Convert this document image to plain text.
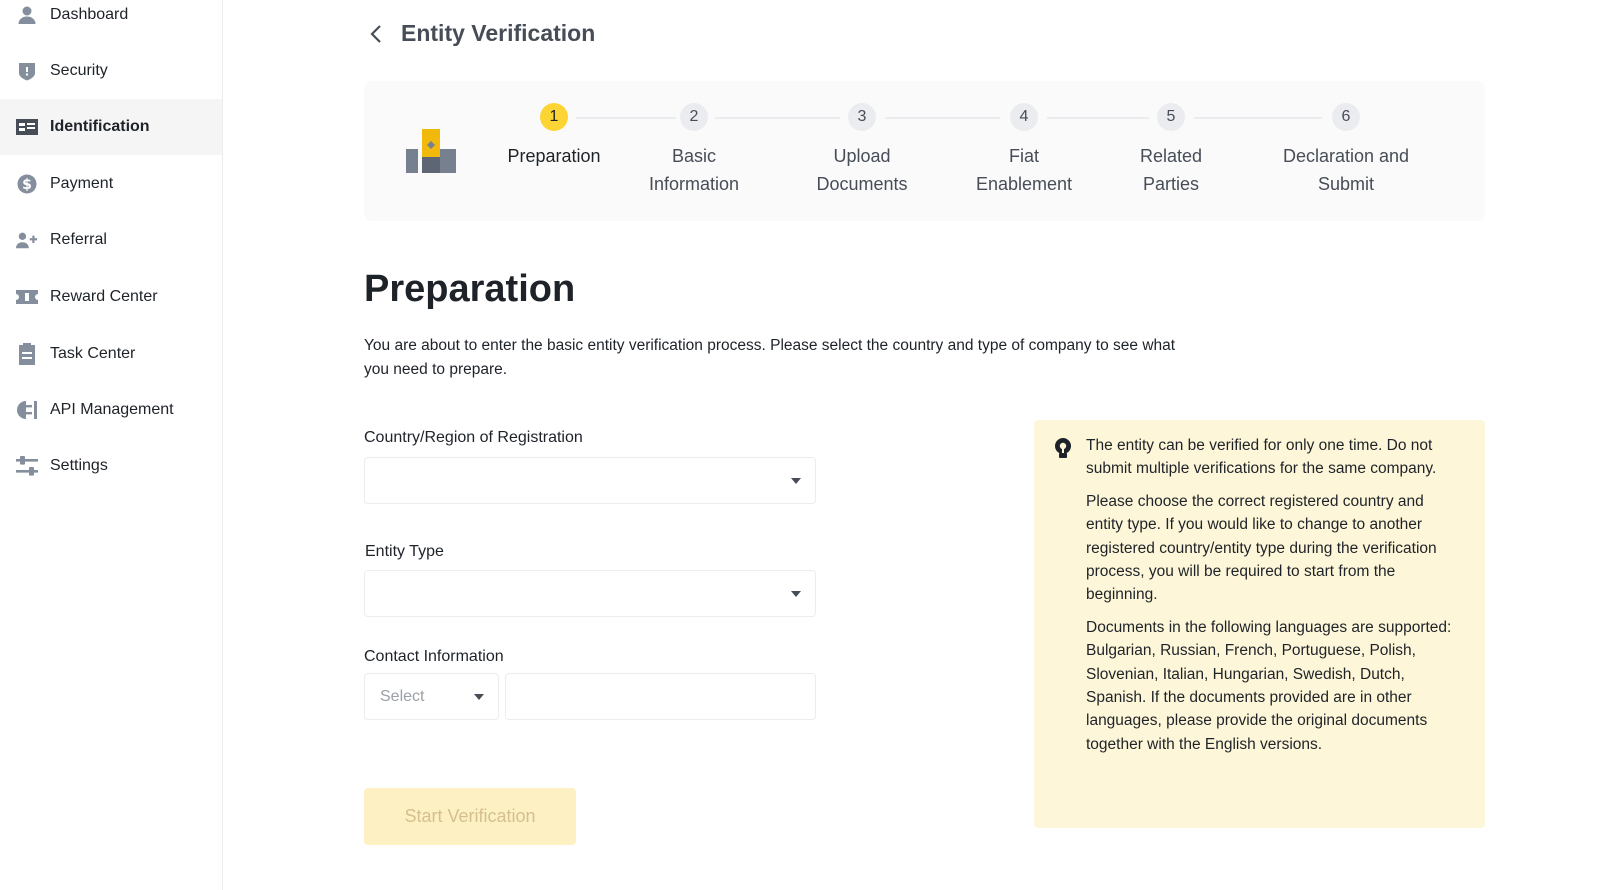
Dashboard
Security
Identification
$ Payment
Referral
Reward Center
Task Center
API Management
Settings
Entity Verification
1
Preparation
2
Basic Information
3
Upload Documents
4
Fiat Enablement
5
Related Parties
6
Declaration and Submit
Preparation

You are about to enter the basic entity verification process. Please select the country and type of company to see what you need to prepare.

Country/Region of Registration
Entity Type
Contact Information
Select
Start Verification

The entity can be verified for only one time. Do not submit multiple verifications for the same company.

Please choose the correct registered country and entity type. If you would like to change to another registered country/entity type during the verification process, you will be required to start from the beginning.

Documents in the following languages are supported: Bulgarian, Russian, French, Portuguese, Polish, Slovenian, Italian, Hungarian, Swedish, Dutch, Spanish. If the documents provided are in other languages, please provide the original documents together with the English versions.
